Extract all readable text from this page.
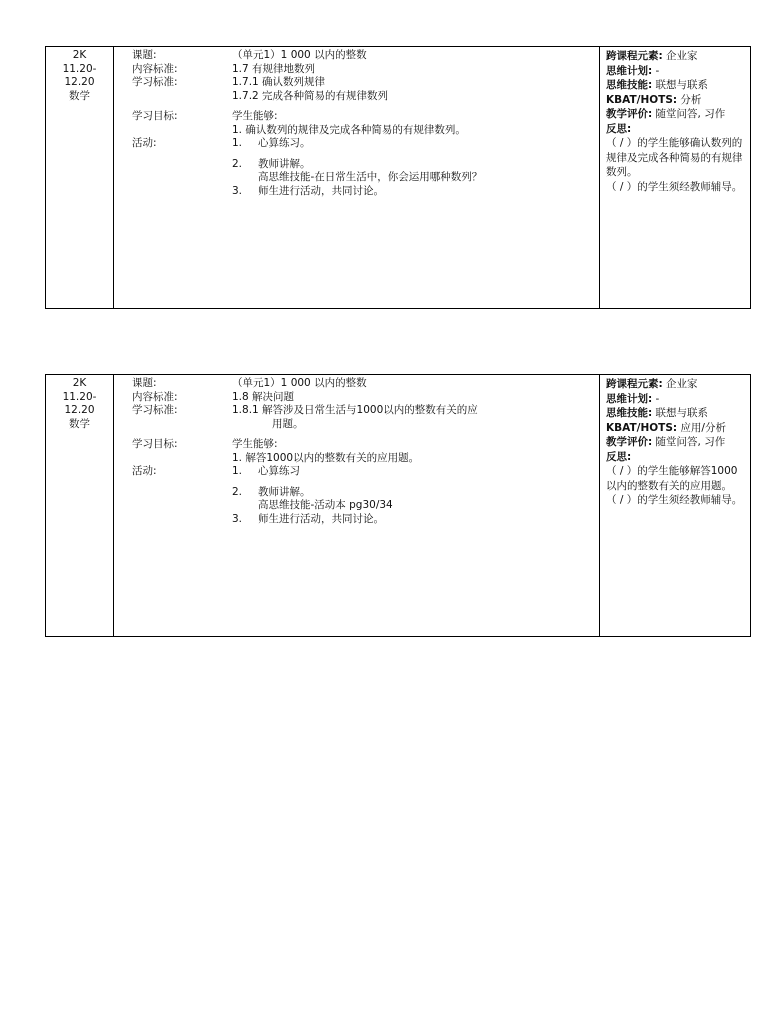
2K
11.20-
12.20
数学
课题:	（单元1）1 000 以内的整数
内容标准:	1.7 有规律地数列
学习标准:	1.7.1 确认数列规律
1.7.2 完成各种简易的有规律数列
学习目标:	学生能够:
1. 确认数列的规律及完成各种简易的有规律数列。
活动:	1. 心算练习。
2. 教师讲解。
高思维技能-在日常生活中，你会运用哪种数列？
3. 师生进行活动，共同讨论。
跨课程元素: 企业家
思维计划: -
思维技能: 联想与联系
KBAT/HOTS: 分析
教学评价: 随堂问答, 习作
反思:
（ / ）的学生能够确认数列的规律及完成各种简易的有规律数列。
（ / ）的学生须经教师辅导。
2K
11.20-
12.20
数学
课题:	（单元1）1 000 以内的整数
内容标准:	1.8 解决问题
学习标准:	1.8.1 解答涉及日常生活与1000以内的整数有关的应
用题。
学习目标:	学生能够:
1. 解答1000以内的整数有关的应用题。
活动:	1. 心算练习
2. 教师讲解。
高思维技能-活动本 pg30/34
3. 师生进行活动，共同讨论。
跨课程元素: 企业家
思维计划: -
思维技能: 联想与联系
KBAT/HOTS: 应用/分析
教学评价: 随堂问答, 习作
反思:
（ / ）的学生能够解答1000以内的整数有关的应用题。
（ / ）的学生须经教师辅导。
